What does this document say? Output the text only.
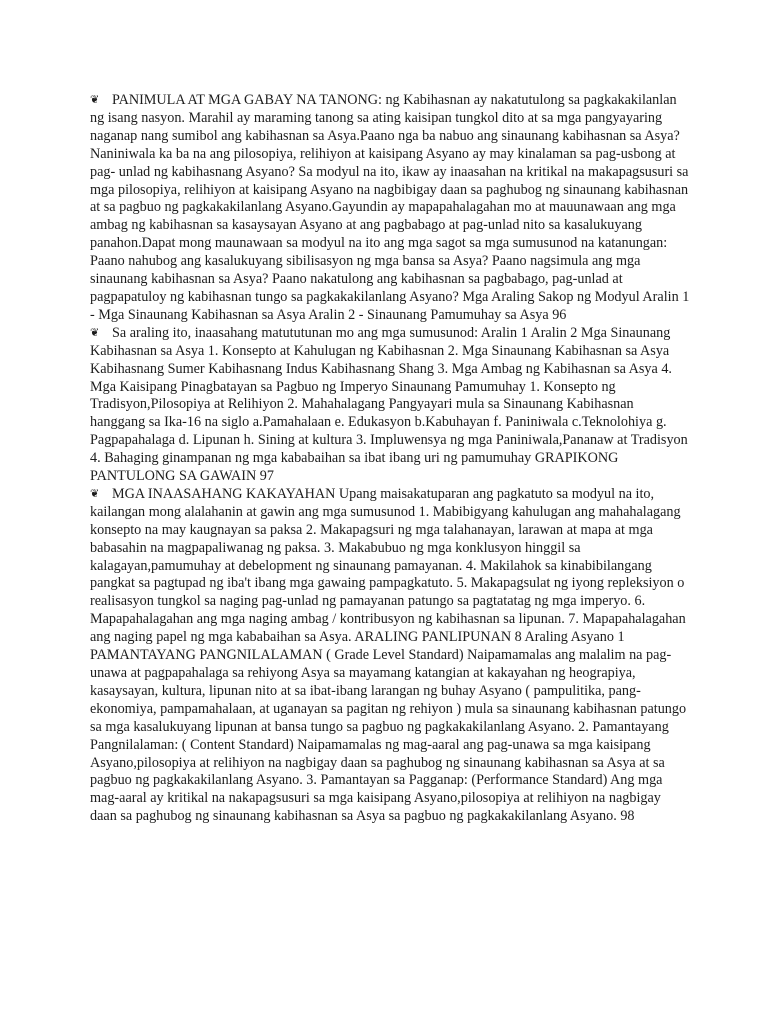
❦ PANIMULA AT MGA GABAY NA TANONG: ng Kabihasnan ay nakatutulong sa pagkakakilanlan ng isang nasyon. Marahil ay maraming tanong sa ating kaisipan tungkol dito at sa mga pangyayaring naganap nang sumibol ang kabihasnan sa Asya.Paano nga ba nabuo ang sinaunang kabihasnan sa Asya? Naniniwala ka ba na ang pilosopiya, relihiyon at kaisipang Asyano ay may kinalaman sa pag-usbong at pag- unlad ng kabihasnang Asyano? Sa modyul na ito, ikaw ay inaasahan na kritikal na makapagsusuri sa mga pilosopiya, relihiyon at kaisipang Asyano na nagbibigay daan sa paghubog ng sinaunang kabihasnan at sa pagbuo ng pagkakakilanlang Asyano.Gayundin ay mapapahalagahan mo at mauunawaan ang mga ambag ng kabihasnan sa kasaysayan Asyano at ang pagbabago at pag-unlad nito sa kasalukuyang panahon.Dapat mong maunawaan sa modyul na ito ang mga sagot sa mga sumusunod na katanungan: Paano nahubog ang kasalukuyang sibilisasyon ng mga bansa sa Asya? Paano nagsimula ang mga sinaunang kabihasnan sa Asya? Paano nakatulong ang kabihasnan sa pagbabago, pag-unlad at pagpapatuloy ng kabihasnan tungo sa pagkakakilanlang Asyano? Mga Araling Sakop ng Modyul Aralin 1 - Mga Sinaunang Kabihasnan sa Asya Aralin 2 - Sinaunang Pamumuhay sa Asya 96

❦ Sa araling ito, inaasahang matututunan mo ang mga sumusunod: Aralin 1 Aralin 2 Mga Sinaunang Kabihasnan sa Asya 1. Konsepto at Kahulugan ng Kabihasnan 2. Mga Sinaunang Kabihasnan sa Asya Kabihasnang Sumer Kabihasnang Indus Kabihasnang Shang 3. Mga Ambag ng Kabihasnan sa Asya 4. Mga Kaisipang Pinagbatayan sa Pagbuo ng Imperyo Sinaunang Pamumuhay 1. Konsepto ng Tradisyon,Pilosopiya at Relihiyon 2. Mahahalagang Pangyayari mula sa Sinaunang Kabihasnan hanggang sa Ika-16 na siglo a.Pamahalaan e. Edukasyon b.Kabuhayan f. Paniniwala c.Teknolohiya g. Pagpapahalaga d. Lipunan h. Sining at kultura 3. Impluwensya ng mga Paniniwala,Pananaw at Tradisyon 4. Bahaging ginampanan ng mga kababaihan sa ibat ibang uri ng pamumuhay GRAPIKONG PANTULONG SA GAWAIN 97

❦ MGA INAASAHANG KAKAYAHAN Upang maisakatuparan ang pagkatuto sa modyul na ito, kailangan mong alalahanin at gawin ang mga sumusunod 1. Mabibigyang kahulugan ang mahahalagang konsepto na may kaugnayan sa paksa 2. Makapagsuri ng mga talahanayan, larawan at mapa at mga babasahin na magpapaliwanag ng paksa. 3. Makabubuo ng mga konklusyon hinggil sa kalagayan,pamumuhay at debelopment ng sinaunang pamayanan. 4. Makilahok sa kinabibilangang pangkat sa pagtupad ng iba't ibang mga gawaing pampagkatuto. 5. Makapagsulat ng iyong repleksiyon o realisasyon tungkol sa naging pag-unlad ng pamayanan patungo sa pagtatatag ng mga imperyo. 6. Mapapahalagahan ang mga naging ambag / kontribusyon ng kabihasnan sa lipunan. 7. Mapapahalagahan ang naging papel ng mga kababaihan sa Asya. ARALING PANLIPUNAN 8 Araling Asyano 1 PAMANTAYANG PANGNILALAMAN ( Grade Level Standard) Naipamamalas ang malalim na pag-unawa at pagpapahalaga sa rehiyong Asya sa mayamang katangian at kakayahan ng heograpiya, kasaysayan, kultura, lipunan nito at sa ibat-ibang larangan ng buhay Asyano ( pampulitika, pang-ekonomiya, pampamahalaan, at uganayan sa pagitan ng rehiyon ) mula sa sinaunang kabihasnan patungo sa mga kasalukuyang lipunan at bansa tungo sa pagbuo ng pagkakakilanlang Asyano. 2. Pamantayang Pangnilalaman: ( Content Standard) Naipamamalas ng mag-aaral ang pag-unawa sa mga kaisipang Asyano,pilosopiya at relihiyon na nagbigay daan sa paghubog ng sinaunang kabihasnan sa Asya at sa pagbuo ng pagkakakilanlang Asyano. 3. Pamantayan sa Pagganap: (Performance Standard) Ang mga mag-aaral ay kritikal na nakapagsusuri sa mga kaisipang Asyano,pilosopiya at relihiyon na nagbigay daan sa paghubog ng sinaunang kabihasnan sa Asya sa pagbuo ng pagkakakilanlang Asyano. 98
